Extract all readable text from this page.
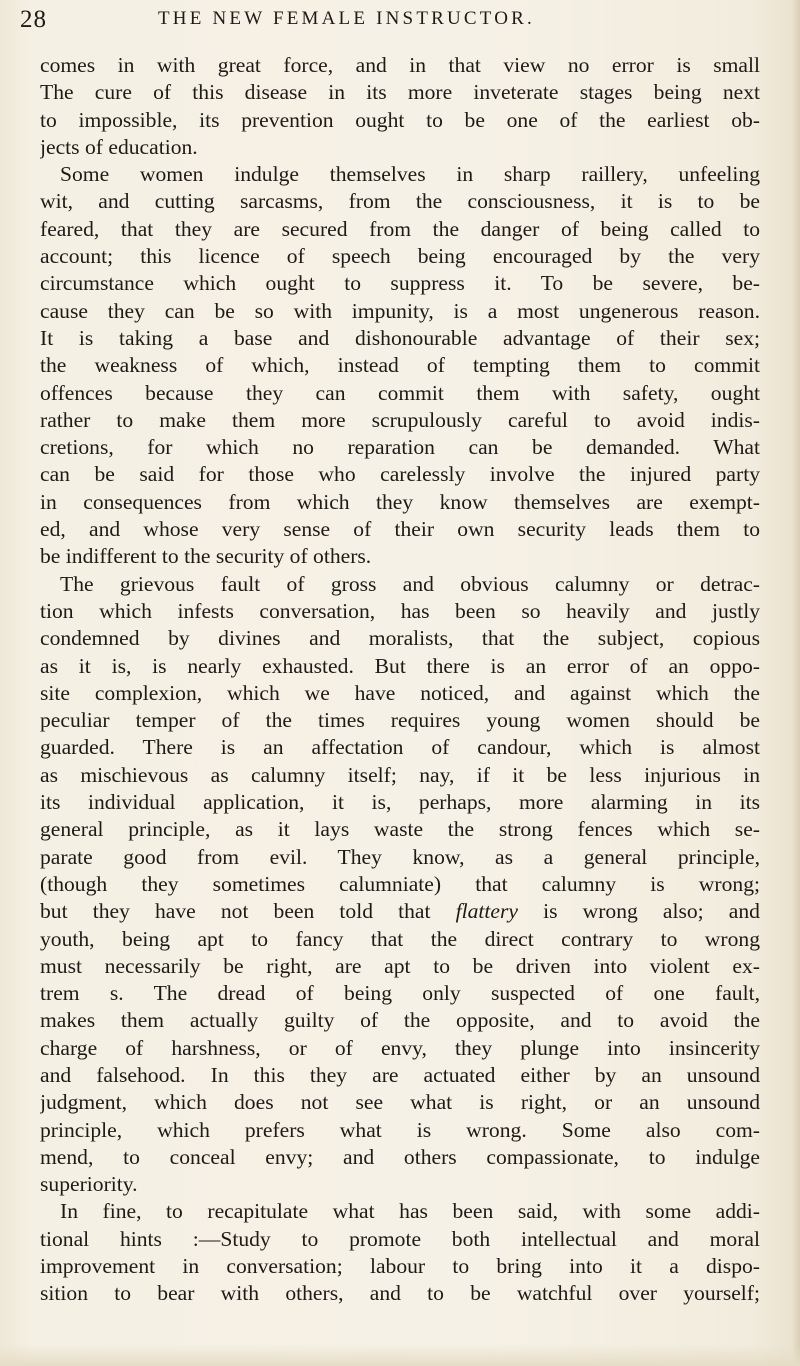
28	THE NEW FEMALE INSTRUCTOR.
comes in with great force, and in that view no error is small
The cure of this disease in its more inveterate stages being next
to impossible, its prevention ought to be one of the earliest ob-
jects of education.
Some women indulge themselves in sharp raillery, unfeeling
wit, and cutting sarcasms, from the consciousness, it is to be
feared, that they are secured from the danger of being called to
account; this licence of speech being encouraged by the very
circumstance which ought to suppress it. To be severe, be-
cause they can be so with impunity, is a most ungenerous reason.
It is taking a base and dishonourable advantage of their sex;
the weakness of which, instead of tempting them to commit
offences because they can commit them with safety, ought
rather to make them more scrupulously careful to avoid indis-
cretions, for which no reparation can be demanded. What
can be said for those who carelessly involve the injured party
in consequences from which they know themselves are exempt-
ed, and whose very sense of their own security leads them to
be indifferent to the security of others.
The grievous fault of gross and obvious calumny or detrac-
tion which infests conversation, has been so heavily and justly
condemned by divines and moralists, that the subject, copious
as it is, is nearly exhausted. But there is an error of an oppo-
site complexion, which we have noticed, and against which the
peculiar temper of the times requires young women should be
guarded. There is an affectation of candour, which is almost
as mischievous as calumny itself; nay, if it be less injurious in
its individual application, it is, perhaps, more alarming in its
general principle, as it lays waste the strong fences which se-
parate good from evil. They know, as a general principle,
(though they sometimes calumniate) that calumny is wrong;
but they have not been told that flattery is wrong also; and
youth, being apt to fancy that the direct contrary to wrong
must necessarily be right, are apt to be driven into violent ex-
trem s. The dread of being only suspected of one fault,
makes them actually guilty of the opposite, and to avoid the
charge of harshness, or of envy, they plunge into insincerity
and falsehood. In this they are actuated either by an unsound
judgment, which does not see what is right, or an unsound
principle, which prefers what is wrong. Some also com-
mend, to conceal envy; and others compassionate, to indulge
superiority.
In fine, to recapitulate what has been said, with some addi-
tional hints :—Study to promote both intellectual and moral
improvement in conversation; labour to bring into it a dispo-
sition to bear with others, and to be watchful over yourself;
